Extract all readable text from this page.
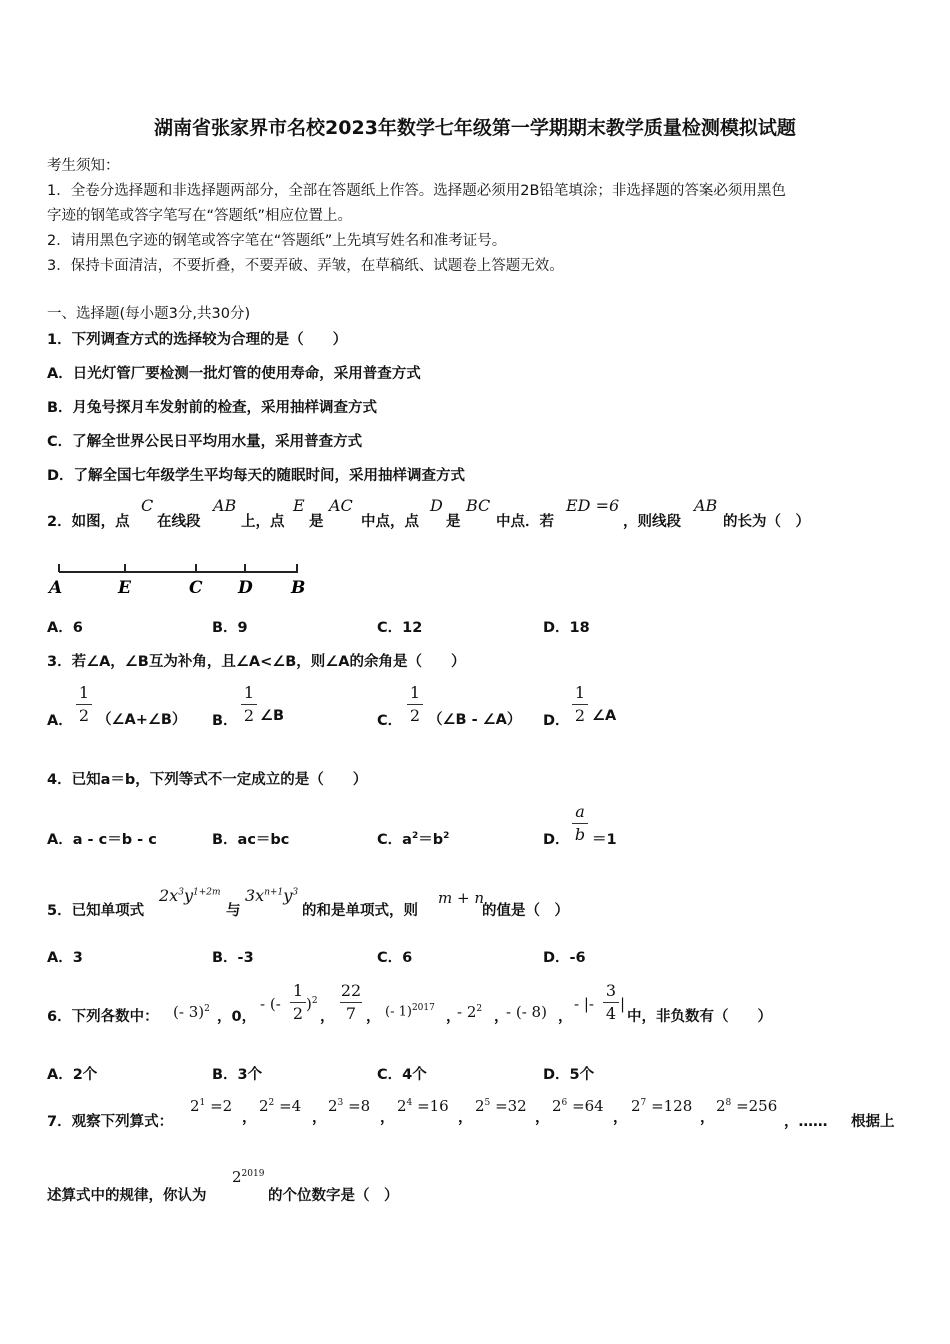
湖南省张家界市名校2023年数学七年级第一学期期末教学质量检测模拟试题
考生须知：
1．全卷分选择题和非选择题两部分，全部在答题纸上作答。选择题必须用2B铅笔填涂；非选择题的答案必须用黑色
字迹的钢笔或答字笔写在“答题纸”相应位置上。
2．请用黑色字迹的钢笔或答字笔在“答题纸”上先填写姓名和准考证号。
3．保持卡面清洁，不要折叠，不要弄破、弄皱，在草稿纸、试题卷上答题无效。
一、选择题(每小题3分,共30分)
1．下列调查方式的选择较为合理的是（　　）
A．日光灯管厂要检测一批灯管的使用寿命，采用普查方式
B．月兔号探月车发射前的检查，采用抽样调查方式
C．了解全世界公民日平均用水量，采用普查方式
D．了解全国七年级学生平均每天的随眠时间，采用抽样调查方式
2．如图，点
C
在线段
AB
上，点
E
是
AC
中点，点
D
是
BC
中点．若
ED =6
，则线段
AB
的长为（　）
A	E	C D B
A．6	B．9	C．12	D．18
3．若∠A，∠B互为补角，且∠A<∠B，则∠A的余角是（　　）
A．
1
2 （∠A+∠B） B．
1
2 ∠B	C．
1
2 （∠B - ∠A） D．
1
2 ∠A
4．已知a＝b，下列等式不一定成立的是（　　）
A．a - c＝b - c	B．ac＝bc	C．$a^2=b^2$	D．
a
b ＝1
5．已知单项式
$2x^3y^{1+2m}$
与
$3x^{n+1}y^3$
的和是单项式，则
m + n
的值是（　）
A．3	B．-3	C．6	D．-6
6．下列各数中： (- 3)$^2$ ，0，
- (-
1
2 )$^2$
，
22
7 ， (- 1)$^{2017}$
，
- $2^2$ ，
- (- 8) ，
- |-
3
4 |
中，非负数有（　　）
A．2个	B．3个	C．4个	D．5个
7．观察下列算式：
$2^1 =2$
，
$2^2 =4$
，
$2^3 =8$
，
$2^4 =16$
，
$2^5 =32$
，
$2^6 =64$
，
$2^7 =128$
，
$2^8 =256$
，…… 根据上
述算式中的规律，你认为
$2^{2019}$
的个位数字是（　）
